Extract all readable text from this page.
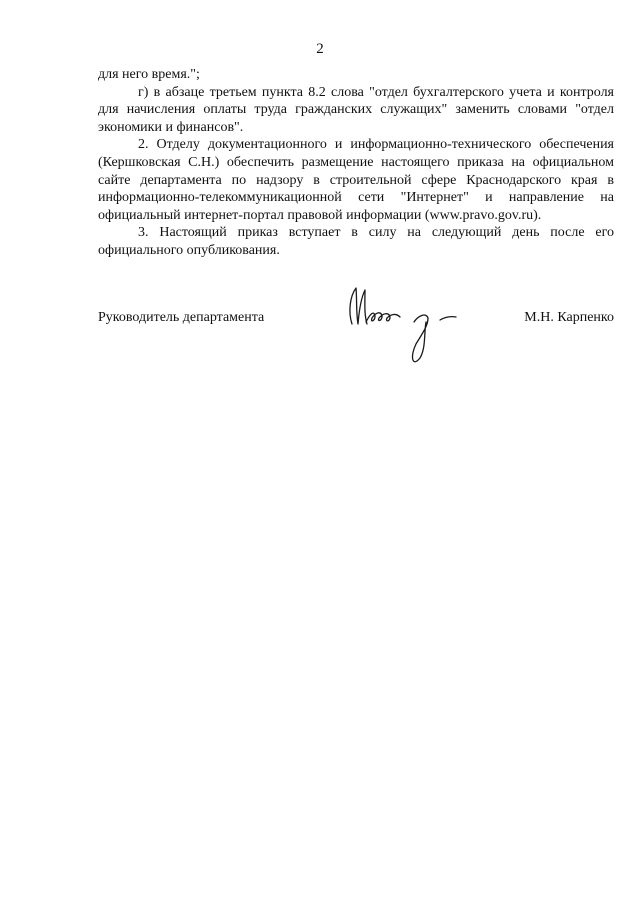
2

для него время.";

г) в абзаце третьем пункта 8.2 слова "отдел бухгалтерского учета и контроля для начисления оплаты труда гражданских служащих" заменить словами "отдел экономики и финансов".

2. Отделу документационного и информационно-технического обеспечения (Кершковская С.Н.) обеспечить размещение настоящего приказа на официальном сайте департамента по надзору в строительной сфере Краснодарского края в информационно-телекоммуникационной сети "Интернет" и направление на официальный интернет-портал правовой информации (www.pravo.gov.ru).

3. Настоящий приказ вступает в силу на следующий день после его официального опубликования.

Руководитель департамента	М.Н. Карпенко
